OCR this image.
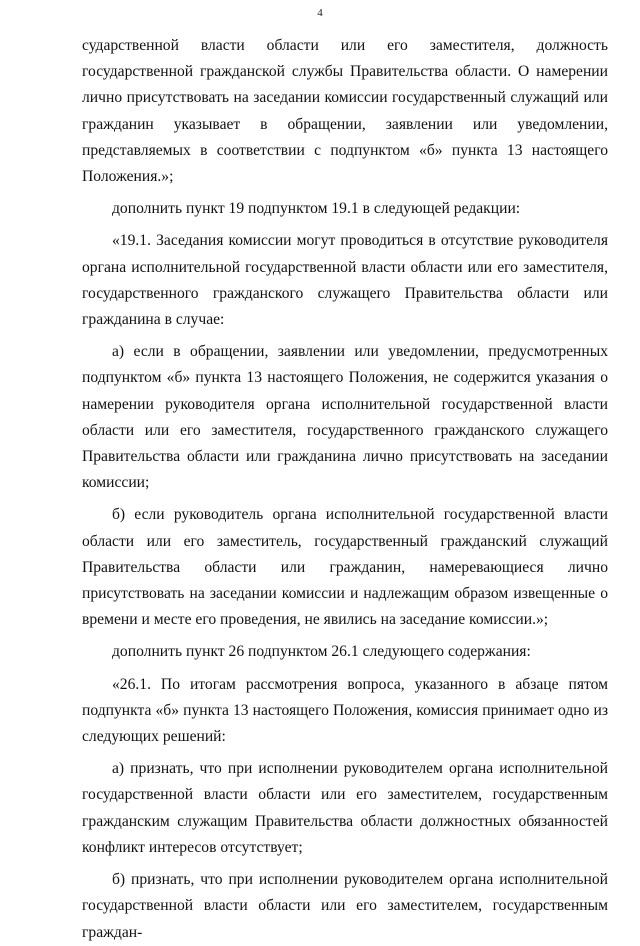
4

сударственной власти области или его заместителя, должность государственной гражданской службы Правительства области. О намерении лично присутствовать на заседании комиссии государственный служащий или гражданин указывает в обращении, заявлении или уведомлении, представляемых в соответствии с подпунктом «б» пункта 13 настоящего Положения.»;

дополнить пункт 19 подпунктом 19.1 в следующей редакции:

«19.1. Заседания комиссии могут проводиться в отсутствие руководителя органа исполнительной государственной власти области или его заместителя, государственного гражданского служащего Правительства области или гражданина в случае:

а) если в обращении, заявлении или уведомлении, предусмотренных подпунктом «б» пункта 13 настоящего Положения, не содержится указания о намерении руководителя органа исполнительной государственной власти области или его заместителя, государственного гражданского служащего Правительства области или гражданина лично присутствовать на заседании комиссии;

б) если руководитель органа исполнительной государственной власти области или его заместитель, государственный гражданский служащий Правительства области или гражданин, намеревающиеся лично присутствовать на заседании комиссии и надлежащим образом извещенные о времени и месте его проведения, не явились на заседание комиссии.»;

дополнить пункт 26 подпунктом 26.1 следующего содержания:

«26.1. По итогам рассмотрения вопроса, указанного в абзаце пятом подпункта «б» пункта 13 настоящего Положения, комиссия принимает одно из следующих решений:

а) признать, что при исполнении руководителем органа исполнительной государственной власти области или его заместителем, государственным гражданским служащим Правительства области должностных обязанностей конфликт интересов отсутствует;

б) признать, что при исполнении руководителем органа исполнительной государственной власти области или его заместителем, государственным граждан-
